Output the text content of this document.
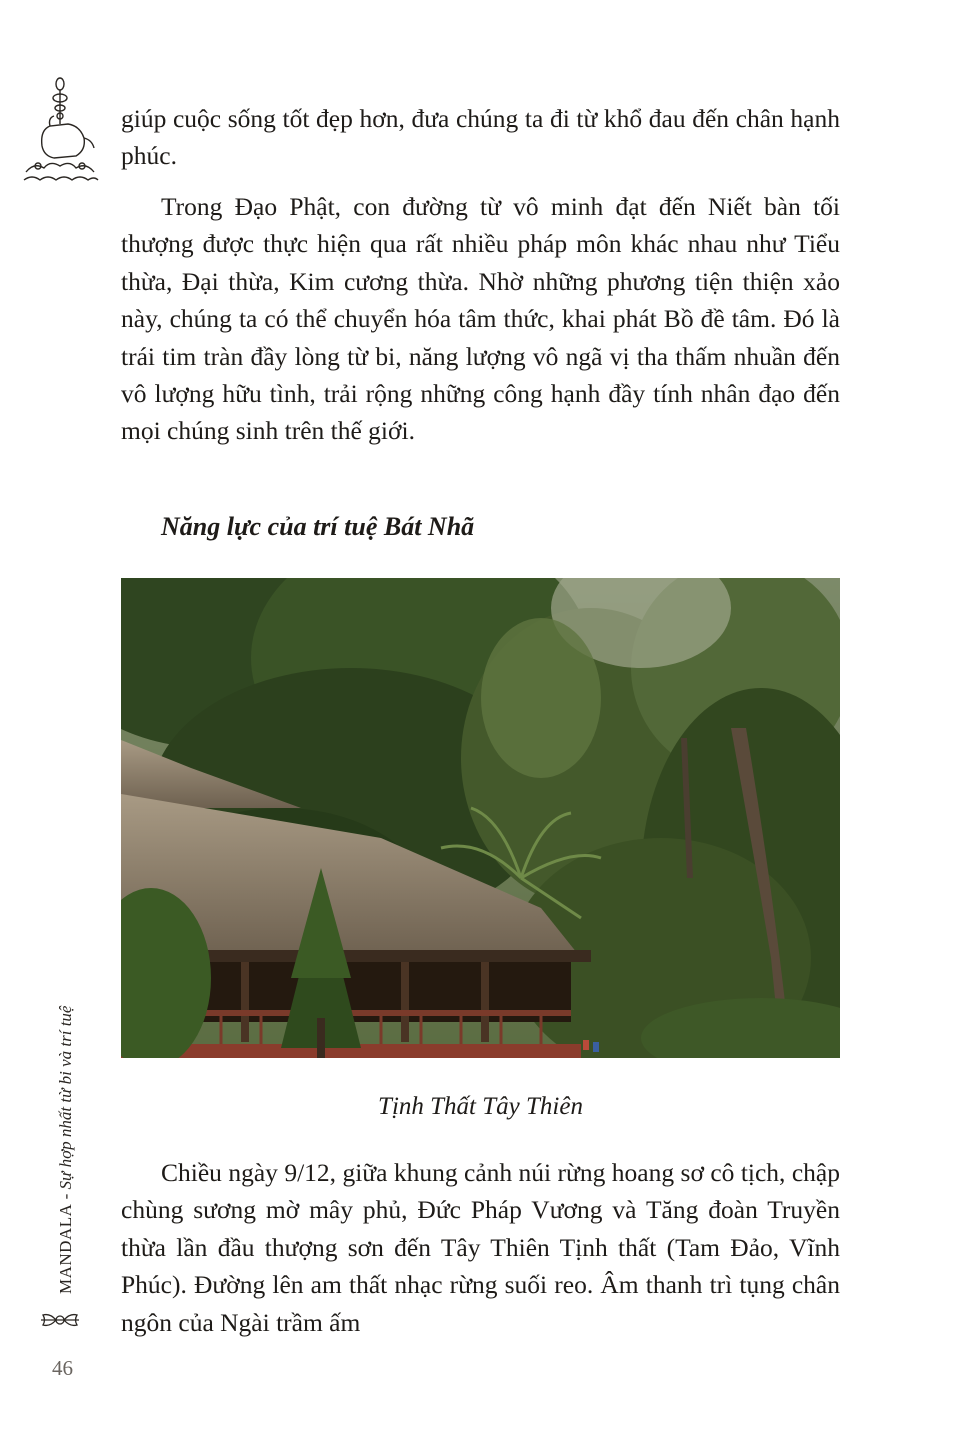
MANDALA - Sự hợp nhất từ bi và trí tuệ
46

giúp cuộc sống tốt đẹp hơn, đưa chúng ta đi từ khổ đau đến chân hạnh phúc.

Trong Đạo Phật, con đường từ vô minh đạt đến Niết bàn tối thượng được thực hiện qua rất nhiều pháp môn khác nhau như Tiểu thừa, Đại thừa, Kim cương thừa. Nhờ những phương tiện thiện xảo này, chúng ta có thể chuyển hóa tâm thức, khai phát Bồ đề tâm. Đó là trái tim tràn đầy lòng từ bi, năng lượng vô ngã vị tha thấm nhuần đến vô lượng hữu tình, trải rộng những công hạnh đầy tính nhân đạo đến mọi chúng sinh trên thế giới.

Năng lực của trí tuệ Bát Nhã
Tịnh Thất Tây Thiên

Chiều ngày 9/12, giữa khung cảnh núi rừng hoang sơ cô tịch, chập chùng sương mờ mây phủ, Đức Pháp Vương và Tăng đoàn Truyền thừa lần đầu thượng sơn đến Tây Thiên Tịnh thất (Tam Đảo, Vĩnh Phúc). Đường lên am thất nhạc rừng suối reo. Âm thanh trì tụng chân ngôn của Ngài trầm ấm
